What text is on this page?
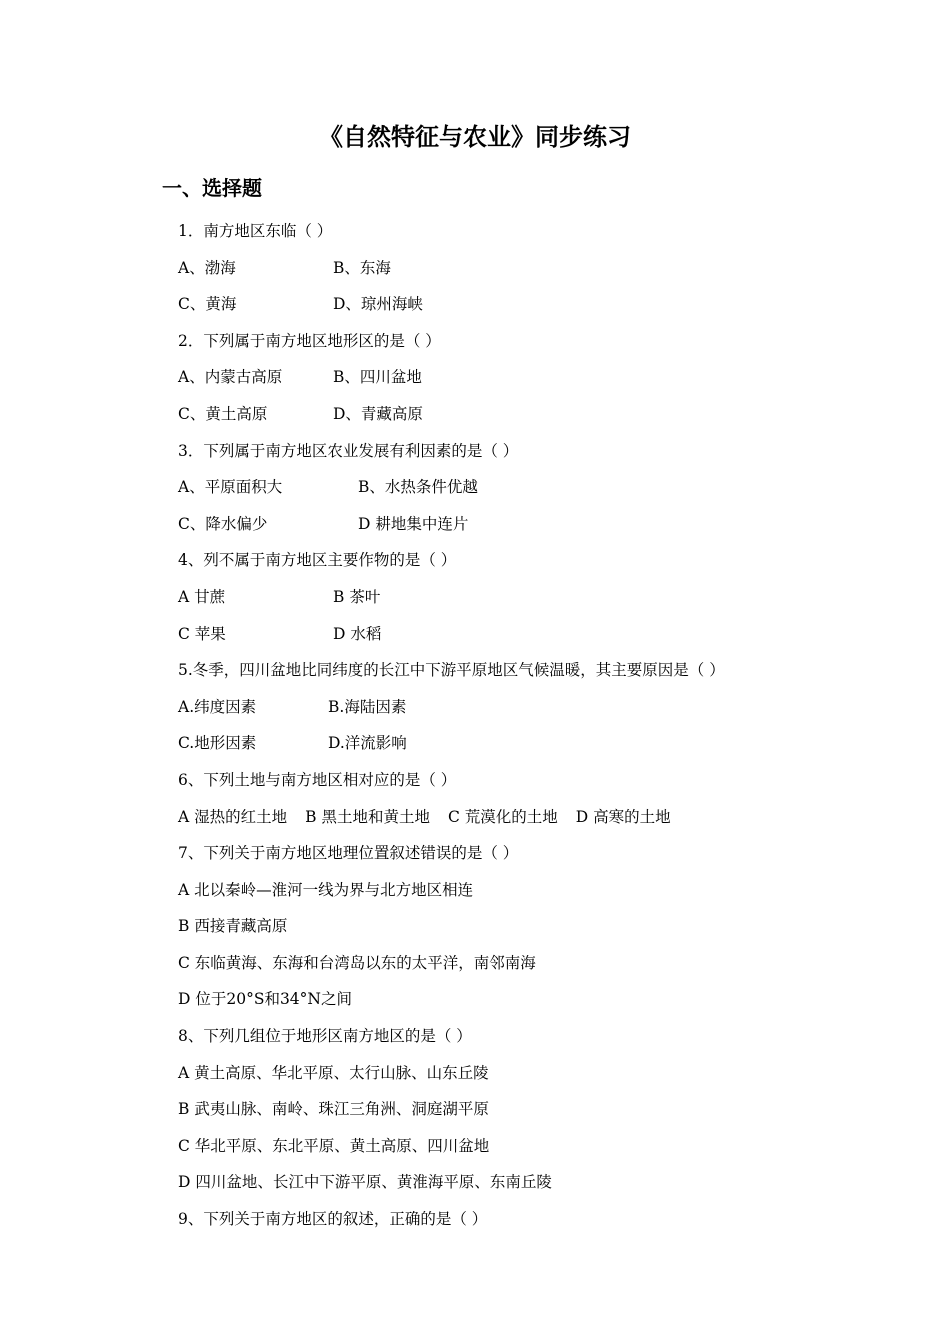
《自然特征与农业》同步练习
一、选择题
1．南方地区东临（ ）
A、渤海	B、东海
C、黄海	D、琼州海峡
2．下列属于南方地区地形区的是（ ）
A、内蒙古高原	B、四川盆地
C、黄土高原	D、青藏高原
3．下列属于南方地区农业发展有利因素的是（ ）
A、平原面积大	B、水热条件优越
C、降水偏少	D 耕地集中连片
4、列不属于南方地区主要作物的是（ ）
A 甘蔗	B 茶叶
C 苹果	D 水稻
5.冬季，四川盆地比同纬度的长江中下游平原地区气候温暖，其主要原因是（ ）
A.纬度因素	B.海陆因素
C.地形因素	D.洋流影响
6、下列土地与南方地区相对应的是（ ）
A 湿热的红土地 B 黑土地和黄土地 C 荒漠化的土地 D 高寒的土地
7、下列关于南方地区地理位置叙述错误的是（ ）
A 北以秦岭—淮河一线为界与北方地区相连
B 西接青藏高原
C 东临黄海、东海和台湾岛以东的太平洋，南邻南海
D 位于20°S和34°N之间
8、下列几组位于地形区南方地区的是（ ）
A 黄土高原、华北平原、太行山脉、山东丘陵
B 武夷山脉、南岭、珠江三角洲、洞庭湖平原
C 华北平原、东北平原、黄土高原、四川盆地
D 四川盆地、长江中下游平原、黄淮海平原、东南丘陵
9、下列关于南方地区的叙述，正确的是（ ）
